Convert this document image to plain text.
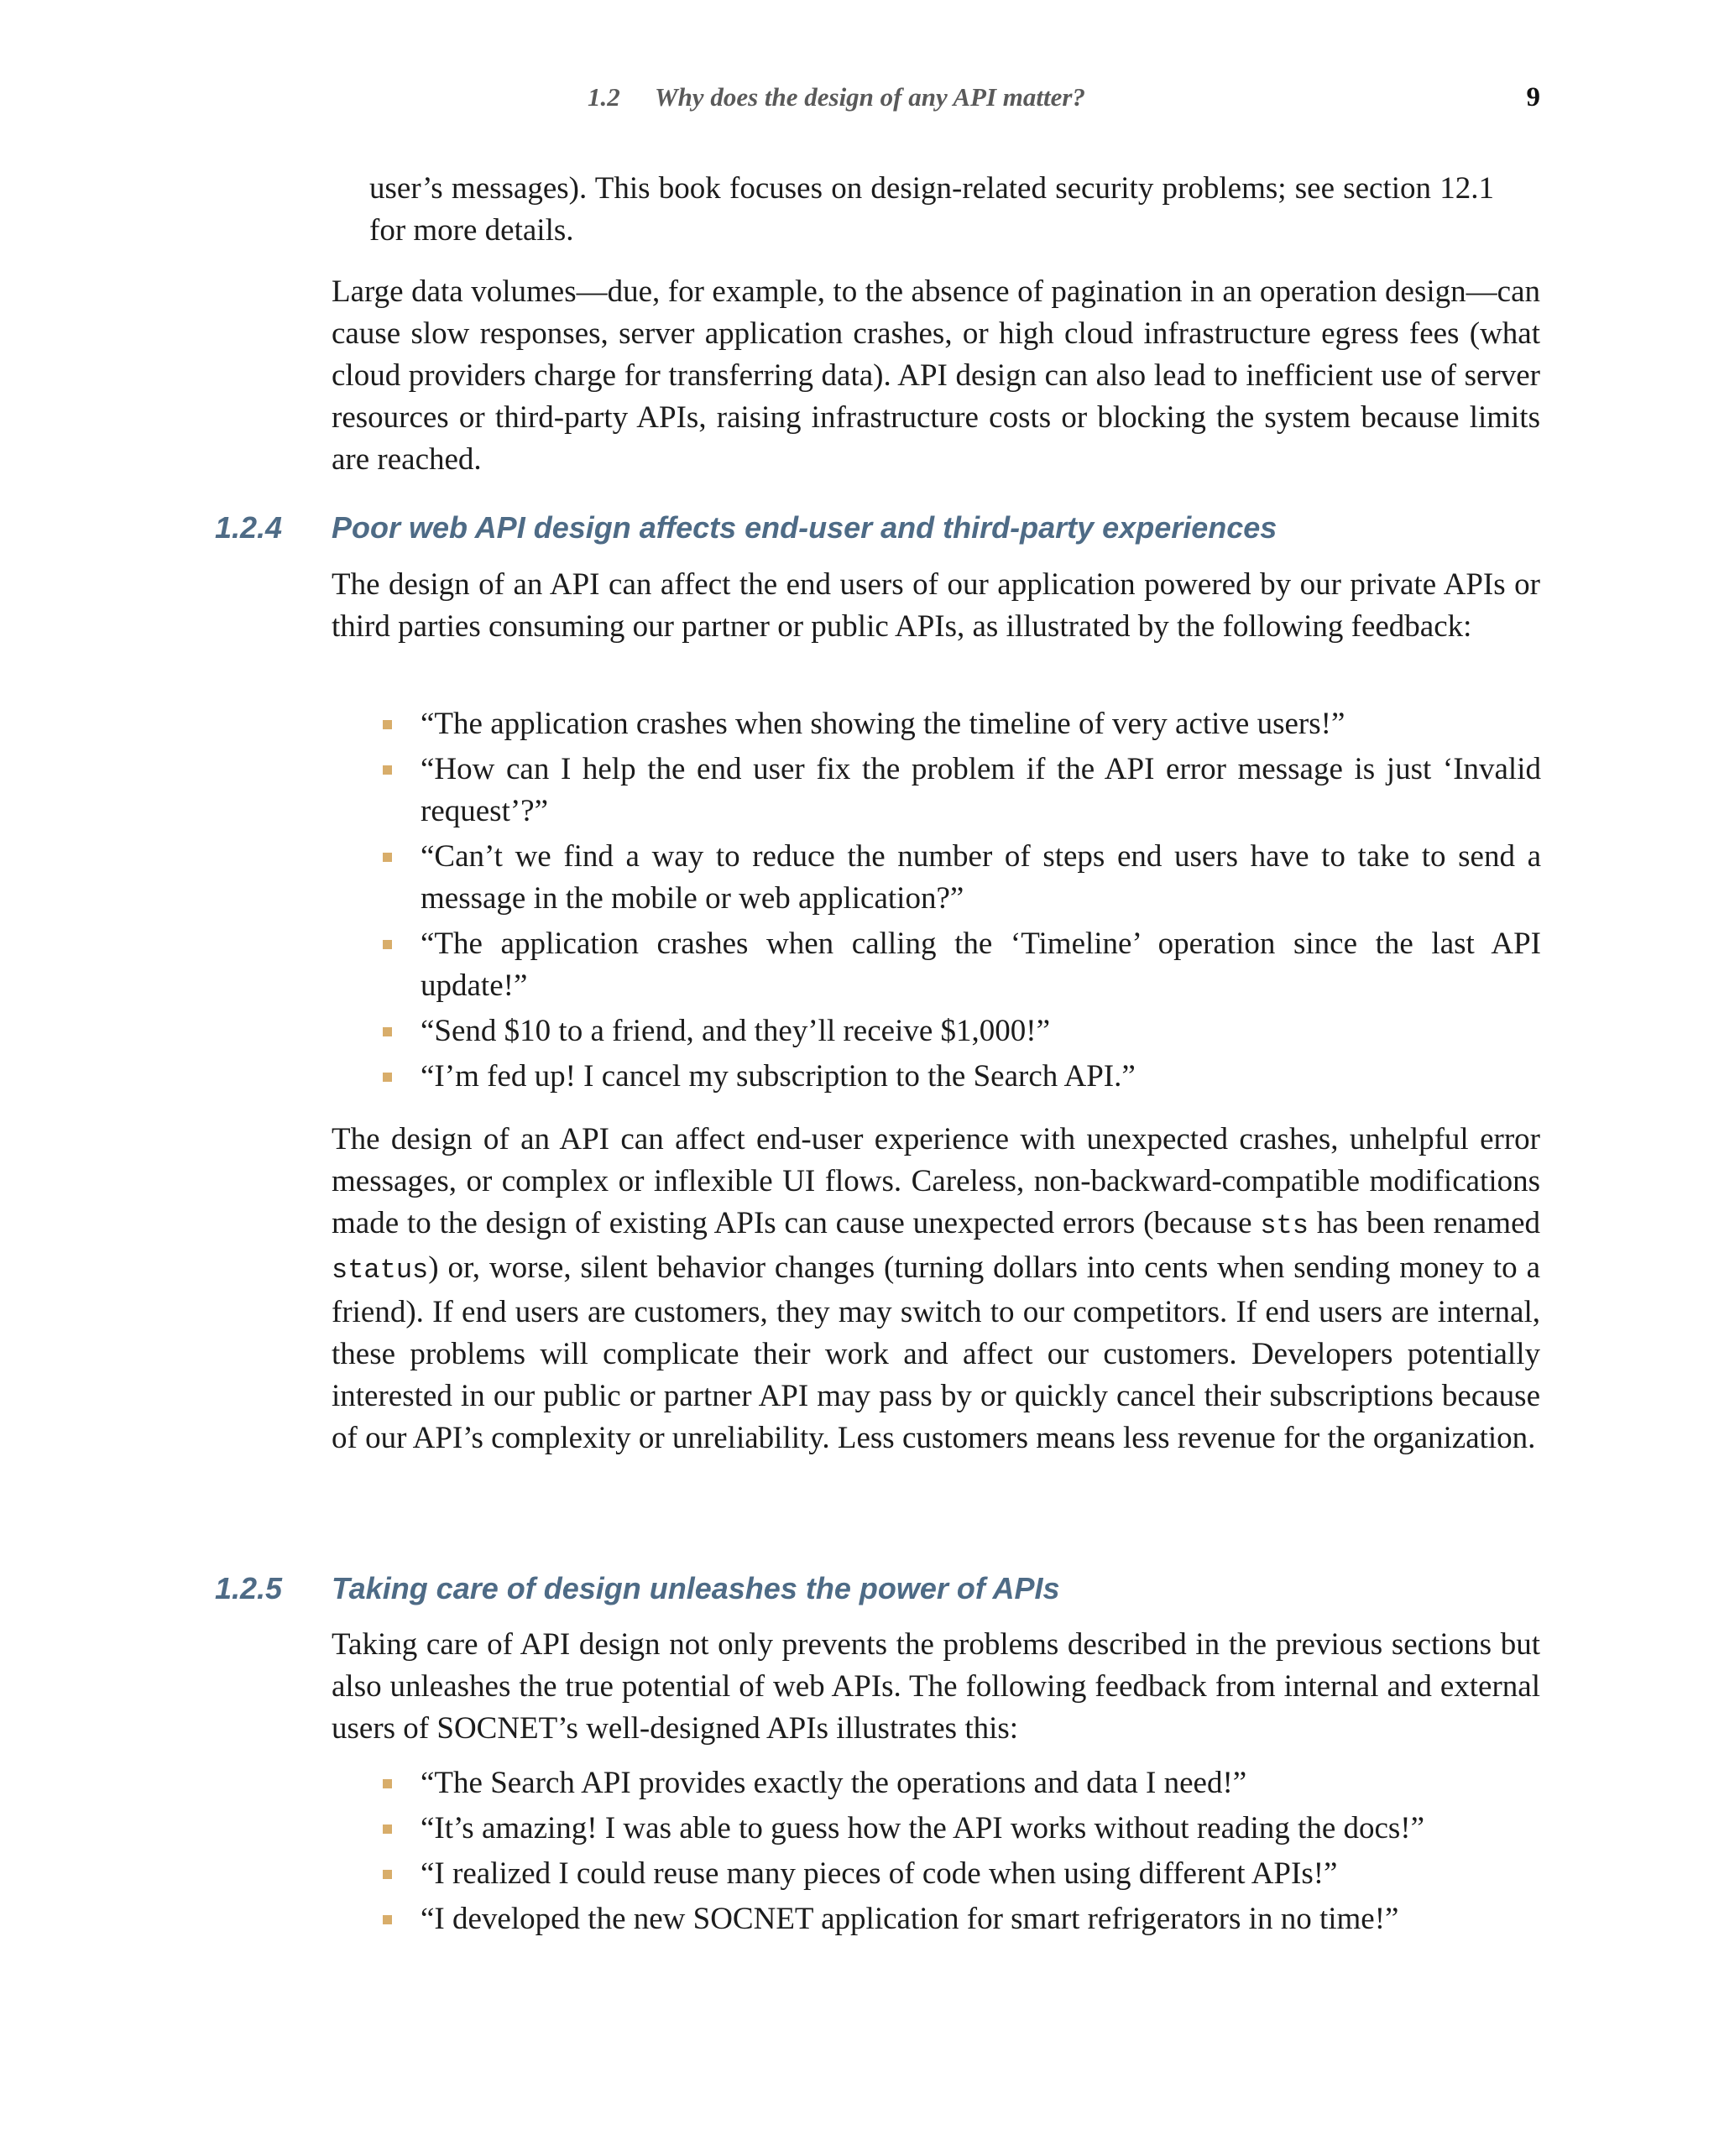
1.2 Why does the design of any API matter?	9

user’s messages). This book focuses on design-related security problems; see section 12.1 for more details.

Large data volumes—due, for example, to the absence of pagination in an operation design—can cause slow responses, server application crashes, or high cloud infrastructure egress fees (what cloud providers charge for transferring data). API design can also lead to inefficient use of server resources or third-party APIs, raising infrastructure costs or blocking the system because limits are reached.

1.2.4 Poor web API design affects end-user and third-party experiences

The design of an API can affect the end users of our application powered by our private APIs or third parties consuming our partner or public APIs, as illustrated by the following feedback:

“The application crashes when showing the timeline of very active users!”
“How can I help the end user fix the problem if the API error message is just ‘Invalid request’?”
“Can’t we find a way to reduce the number of steps end users have to take to send a message in the mobile or web application?”
“The application crashes when calling the ‘Timeline’ operation since the last API update!”
“Send $10 to a friend, and they’ll receive $1,000!”
“I’m fed up! I cancel my subscription to the Search API.”

The design of an API can affect end-user experience with unexpected crashes, unhelpful error messages, or complex or inflexible UI flows. Careless, non-backward-compatible modifications made to the design of existing APIs can cause unexpected errors (because sts has been renamed status) or, worse, silent behavior changes (turning dollars into cents when sending money to a friend). If end users are customers, they may switch to our competitors. If end users are internal, these problems will complicate their work and affect our customers. Developers potentially interested in our public or partner API may pass by or quickly cancel their subscriptions because of our API’s complexity or unreliability. Less customers means less revenue for the organization.

1.2.5 Taking care of design unleashes the power of APIs

Taking care of API design not only prevents the problems described in the previous sections but also unleashes the true potential of web APIs. The following feedback from internal and external users of SOCNET’s well-designed APIs illustrates this:

“The Search API provides exactly the operations and data I need!”
“It’s amazing! I was able to guess how the API works without reading the docs!”
“I realized I could reuse many pieces of code when using different APIs!”
“I developed the new SOCNET application for smart refrigerators in no time!”
